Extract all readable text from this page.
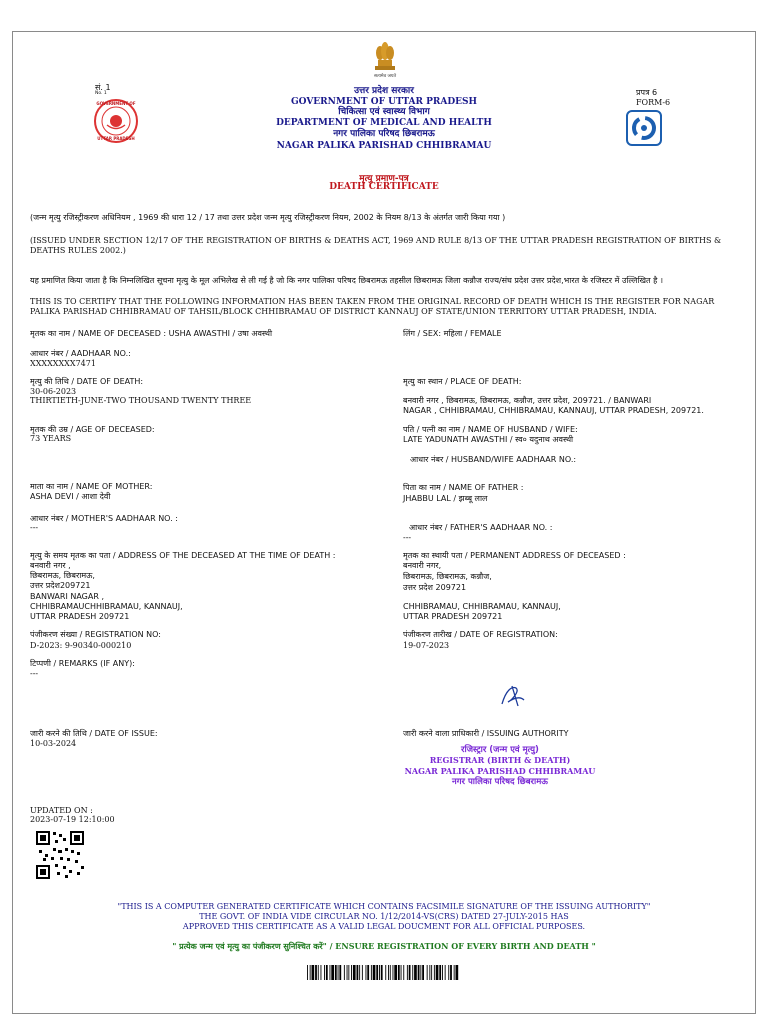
सत्यमेव जयते
सं. 1
No. 1
GOVERNMENT OF
UTTAR PRADESH
उत्तर प्रदेश सरकार
GOVERNMENT OF UTTAR PRADESH
चिकित्सा एवं स्वास्थ्य विभाग
DEPARTMENT OF MEDICAL AND HEALTH
नगर पालिका परिषद छिबरामऊ
NAGAR PALIKA PARISHAD CHHIBRAMAU
प्रपत्र 6
FORM-6
मृत्यु प्रमाण-पत्र
DEATH CERTIFICATE
(जन्म मृत्यु रजिस्ट्रीकरण अधिनियम , 1969 की धारा 12 / 17 तथा उत्तर प्रदेश जन्म मृत्यु रजिस्ट्रीकरण नियम, 2002 के नियम 8/13 के अंतर्गत जारी किया गया )
(ISSUED UNDER SECTION 12/17 OF THE REGISTRATION OF BIRTHS & DEATHS ACT, 1969 AND RULE 8/13 OF THE UTTAR PRADESH REGISTRATION OF BIRTHS & DEATHS RULES 2002.)
यह प्रमाणित किया जाता है कि निम्नलिखित सूचना मृत्यु के मूल अभिलेख से ली गई है जो कि नगर पालिका परिषद छिबरामऊ तहसील छिबरामऊ जिला कन्नौज राज्य/संघ प्रदेश उत्तर प्रदेश,भारत के रजिस्टर में उल्लिखित है ।
THIS IS TO CERTIFY THAT THE FOLLOWING INFORMATION HAS BEEN TAKEN FROM THE ORIGINAL RECORD OF DEATH WHICH IS THE REGISTER FOR NAGAR PALIKA PARISHAD CHHIBRAMAU OF TAHSIL/BLOCK CHHIBRAMAU OF DISTRICT KANNAUJ OF STATE/UNION TERRITORY UTTAR PRADESH, INDIA.
मृतक का नाम / NAME OF DECEASED : USHA AWASTHI / उषा अवस्थी
आधार नंबर / AADHAAR NO.:
XXXXXXXX7471
मृत्यु की तिथि / DATE OF DEATH:
30-06-2023
THIRTIETH-JUNE-TWO THOUSAND TWENTY THREE
मृतक की उम्र / AGE OF DECEASED:
73 YEARS
माता का नाम / NAME OF MOTHER:
ASHA DEVI / आशा देवी
आधार नंबर / MOTHER'S AADHAAR NO. :
---
मृत्यु के समय मृतक का पता / ADDRESS OF THE DECEASED AT THE TIME OF DEATH :
बनवारी नगर ,
छिबरामऊ, छिबरामऊ,
उत्तर प्रदेश209721
BANWARI NAGAR ,
CHHIBRAMAUCHHIBRAMAU, KANNAUJ,
UTTAR PRADESH 209721
पंजीकरण संख्या / REGISTRATION NO:
D-2023: 9-90340-000210
टिप्पणी / REMARKS (IF ANY):
---
जारी करने की तिथि / DATE OF ISSUE:
10-03-2024
लिंग / SEX: महिला / FEMALE
मृत्यु का स्थान / PLACE OF DEATH:
बनवारी नगर , छिबरामऊ, छिबरामऊ, कन्नौज, उत्तर प्रदेश, 209721. / BANWARI
NAGAR , CHHIBRAMAU, CHHIBRAMAU, KANNAUJ, UTTAR PRADESH, 209721.
पति / पत्नी का नाम / NAME OF HUSBAND / WIFE:
LATE YADUNATH AWASTHI / स्व० यदुनाथ अवस्थी
आधार नंबर / HUSBAND/WIFE AADHAAR NO.:
पिता का नाम / NAME OF FATHER :
JHABBU LAL / झब्बू लाल
आधार नंबर / FATHER'S AADHAAR NO. :
---
मृतक का स्थायी पता / PERMANENT ADDRESS OF DECEASED :
बनवारी नगर,
छिबरामऊ, छिबरामऊ, कन्नौज,
उत्तर प्रदेश 209721
CHHIBRAMAU, CHHIBRAMAU, KANNAUJ,
UTTAR PRADESH 209721
पंजीकरण तारीख / DATE OF REGISTRATION:
19-07-2023
जारी करने वाला प्राधिकारी / ISSUING AUTHORITY
रजिस्ट्रार (जन्म एवं मृत्यु)
REGISTRAR (BIRTH & DEATH)
NAGAR PALIKA PARISHAD CHHIBRAMAU
नगर पालिका परिषद छिबरामऊ
UPDATED ON :
2023-07-19 12:10:00
"THIS IS A COMPUTER GENERATED CERTIFICATE WHICH CONTAINS FACSIMILE SIGNATURE OF THE ISSUING AUTHORITY"
THE GOVT. OF INDIA VIDE CIRCULAR NO. 1/12/2014-VS(CRS) DATED 27-JULY-2015 HAS
APPROVED THIS CERTIFICATE AS A VALID LEGAL DOUCMENT FOR ALL OFFICIAL PURPOSES.
" प्रत्येक जन्म एवं मृत्यु का पंजीकरण सुनिश्चित करें" / ENSURE REGISTRATION OF EVERY BIRTH AND DEATH "
